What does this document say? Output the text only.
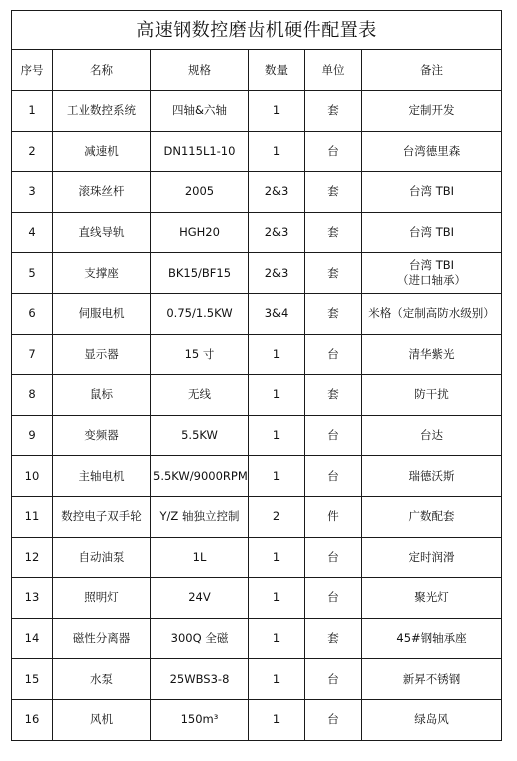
高速钢数控磨齿机硬件配置表					
序号	名称	规格	数量	单位	备注
1	工业数控系统	四轴&六轴	1	套	定制开发
2	减速机	DN115L1-10	1	台	台湾德里森
3	滚珠丝杆	2005	2&3	套	台湾 TBI
4	直线导轨	HGH20	2&3	套	台湾 TBI
5	支撑座	BK15/BF15	2&3	套	台湾 TBI
（进口轴承）

6	伺服电机	0.75/1.5KW	3&4	套	米格（定制高防水级别）
7	显示器	15 寸	1	台	清华紫光
8	鼠标	无线	1	套	防干扰
9	变频器	5.5KW	1	台	台达
10	主轴电机	5.5KW/9000RPM	1	台	瑞德沃斯
11	数控电子双手轮	Y/Z 轴独立控制	2	件	广数配套
12	自动油泵	1L	1	台	定时润滑
13	照明灯	24V	1	台	聚光灯
14	磁性分离器	300Q 全磁	1	套	45#钢轴承座
15	水泵	25WBS3-8	1	台	新昇不锈钢
16	风机	150m³	1	台	绿岛风
